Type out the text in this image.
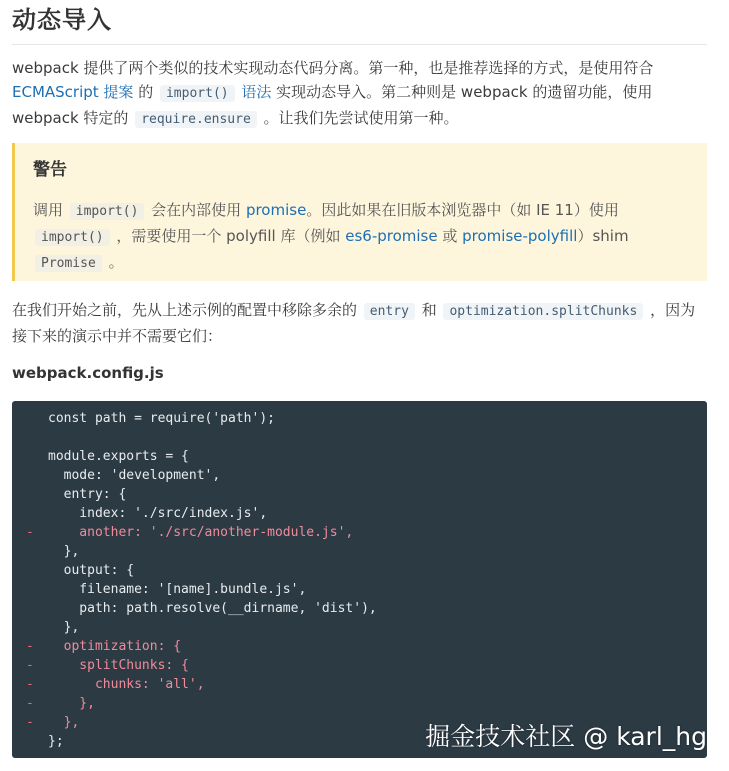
动态导入

webpack 提供了两个类似的技术实现动态代码分离。第一种，也是推荐选择的方式，是使用符合ECMAScript 提案 的 import() 语法 实现动态导入。第二种则是 webpack 的遗留功能，使用 webpack 特定的 require.ensure 。让我们先尝试使用第一种。

警告

调用 import() 会在内部使用 promise。因此如果在旧版本浏览器中（如 IE 11）使用 import() ，需要使用一个 polyfill 库（例如 es6-promise 或 promise-polyfill）shim Promise 。

在我们开始之前，先从上述示例的配置中移除多余的 entry 和 optimization.splitChunks ，因为接下来的演示中并不需要它们：

webpack.config.js
const path = require('path');
module.exports = {
mode: 'development',
entry: {
index: './src/index.js',
-    another: './src/another-module.js',
},
output: {
filename: '[name].bundle.js',
path: path.resolve(__dirname, 'dist'),
},
-  optimization: {
-    splitChunks: {
-      chunks: 'all',
-    },
-  },
};	掘金技术社区 @ karl_hg
